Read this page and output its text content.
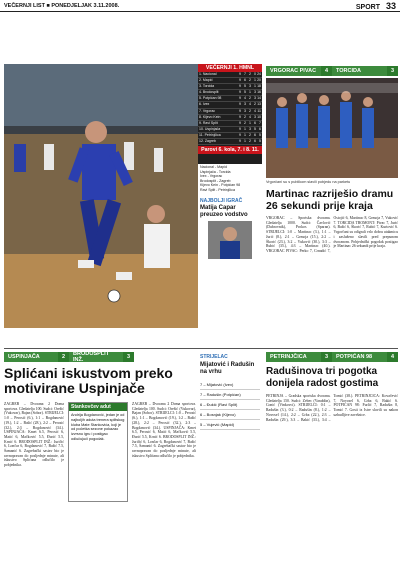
VEČERNJI LIST ■ PONEDJELJAK 3.11.2008.	SPORT 33
VEČERNJI 1. HMNL
1. Nacional	9 7 2 0 24
2. Mapid	9 6 2 1 20
3. Torcida	9 5 3 1 18
4. Brodosplit	9 5 1 3 16
5. Potpićan 98	9 4 2 3 14
6. Ivex	9 3 4 2 13
7. Vrgorac	9 3 2 4 11
8. Kijevo Kein	9 2 4 3 10
9. Ravi Split	9 2 1 6 7
10. Uspinjača	9 1 3 5 6
11. Petrinjčica	9 1 2 6 5
12. Zagreb	9 1 2 6 5
Parovi 6. kola, 7. i 8. 11.
Nacional - Mapid
Uspinjača - Torcida
Ivex - Vrgorac
Brodosplit - Zagreb
Kijevo Kein - Potpićan 98
Ravi Split - Petrinjčica
NAJBOLJI IGRAČ
Matija Capar preuzeo vodstvo
VRGORAC PIVAC	4	TORCIDA	3
Vrgorčani su s publikom slavili pobjedu na parketu
Martinac razriješio dramu 26 sekundi prije kraja
VRGORAC – Sportska dvorana. Gledatelja 1000. Sudci: Čavlović (Dubrovnik), Prokos (Sparan). STRIJELCI: 1:0 – Martinac (3.), 1:1 – Jurić (8.), 2:1 – Grmoja (15.), 2:2 – Škorić (23.), 3:2 – Vuković (30.), 3:3 – Rubić (35.), 4:3 – Martinac (40.). VRGORAC PIVAC: Perko 7, Crnadić 7, Ostojić 6, Martinac 8, Grmoja 7, Vuković 7. TORCIDA TROMONT: Pivac 7, Jurić 6, Bašić 6, Škorić 7, Rubić 7, Kurtović 6. Vrgorčani su odigrali vrlo dobru utakmicu i zasluženo slavili pred prepunom dvoranom. Pobjednički pogodak postigao je Martinac 26 sekundi prije kraja.
USPINJAČA	2	BRODOSPLIT INŽ.	3
Splićani iskustvom preko motivirane Uspinjače
ZAGREB – Dvorana 2 Doma sportova. Gledatelja 100. Sudci: Orešić (Vukovar), Bajan (Sobor). STRIJELCI: 1:0 – Perosić (6.), 1:1 – Bogdanović (19.), 1:2 – Bašić (28.), 2:2 – Perosić (32.), 2:3 – Bogdanović (34.). USPINJAČA: Kmet 6.5, Perosić 6, Matić 6, Mačković 5.5, Đurić 5.5, Krnić 6. BRODOSPLIT INŽ.: Juričić 6, Lončar 6, Bogdanović 7, Bašić 7.5, Šamanić 6. Zagrebački sastav bio je ravnopravan do posljednje minute, ali iskustvo Splićana odlučilo je pobjednika.
Stankovčev adut
Andrija Bogdanović, jedan je od najboljih aduta trenera splitskog kluba Mate Stankovića, koji je od početka sezone pokazao izvrsnu igru i postigao odlučujući pogodak.
ZAGREB – Dvorana 2 Doma sportova. Gledatelja 100. Sudci: Orešić (Vukovar), Bajan (Sobor). STRIJELCI: 1:0 – Perosić (6.), 1:1 – Bogdanović (19.), 1:2 – Bašić (28.), 2:2 – Perosić (32.), 2:3 – Bogdanović (34.). USPINJAČA: Kmet 6.5, Perosić 6, Matić 6, Mačković 5.5, Đurić 5.5, Krnić 6. BRODOSPLIT INŽ.: Juričić 6, Lončar 6, Bogdanović 7, Bašić 7.5, Šamanić 6. Zagrebački sastav bio je ravnopravan do posljednje minute, ali iskustvo Splićana odlučilo je pobjednika.
STRIJELAC
Mijatović i Radušin na vrhu
7 – Mijatović (Ivex)
7 – Radušin (Potpićan)
6 – Đukić (Ravi Split)
6 – Bosnjak (Kijevo)
5 – Vujević (Mapid)
PETRINJČICA	3	POTPIĆAN 98	4
Radušinova tri pogotka donijela radost gostima
PETRINJA – Gradska sportska dvorana. Gledatelja 150. Sudci: Zebec (Varaždin), Conić (Vinkovci). STRIJELCI: 0:1 – Radušin (3.), 0:2 – Radušin (8.), 1:2 – Novosel (14.), 2:2 – Grba (22.), 2:3 – Radušin (29.), 3:3 – Bakić (33.), 3:4 – Tomić (38.). PETRINJČICA: Kovačević 7, Novosel 6, Grba 6, Bakić 6. POTPIĆAN 98: Furlić 7, Radušin 8, Tomić 7. Gosti iz Istre slavili su nakon uzbudljive završnice.
